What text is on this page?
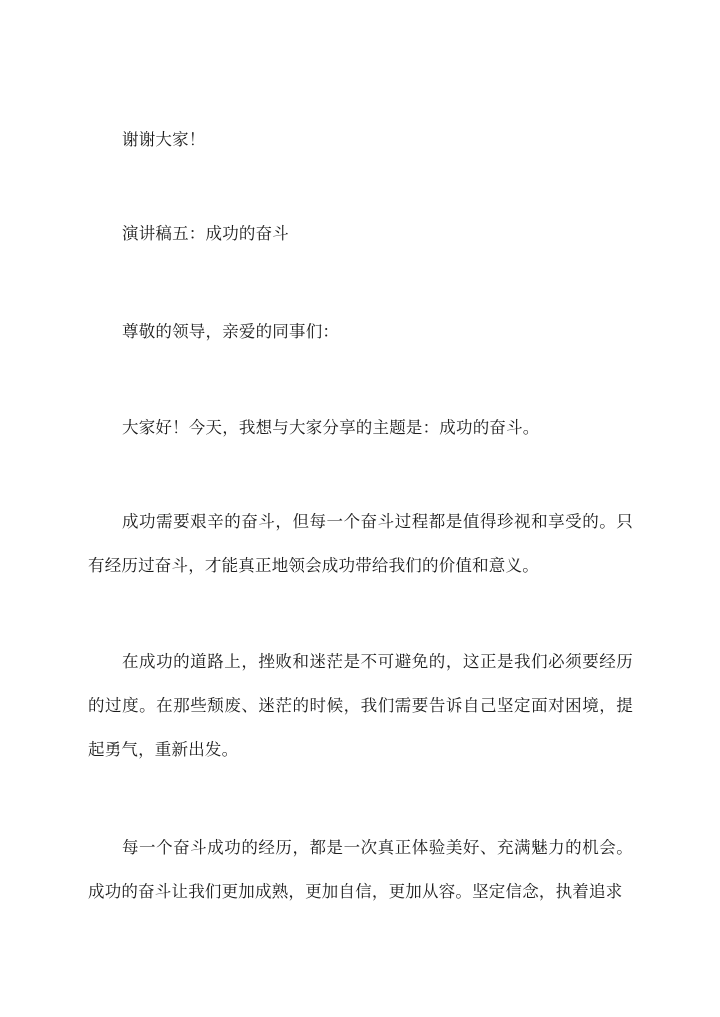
谢谢大家！

演讲稿五：成功的奋斗

尊敬的领导，亲爱的同事们：

大家好！今天，我想与大家分享的主题是：成功的奋斗。

成功需要艰辛的奋斗，但每一个奋斗过程都是值得珍视和享受的。只有经历过奋斗，才能真正地领会成功带给我们的价值和意义。

在成功的道路上，挫败和迷茫是不可避免的，这正是我们必须要经历的过度。在那些颓废、迷茫的时候，我们需要告诉自己坚定面对困境，提起勇气，重新出发。

每一个奋斗成功的经历，都是一次真正体验美好、充满魅力的机会。成功的奋斗让我们更加成熟，更加自信，更加从容。坚定信念，执着追求
